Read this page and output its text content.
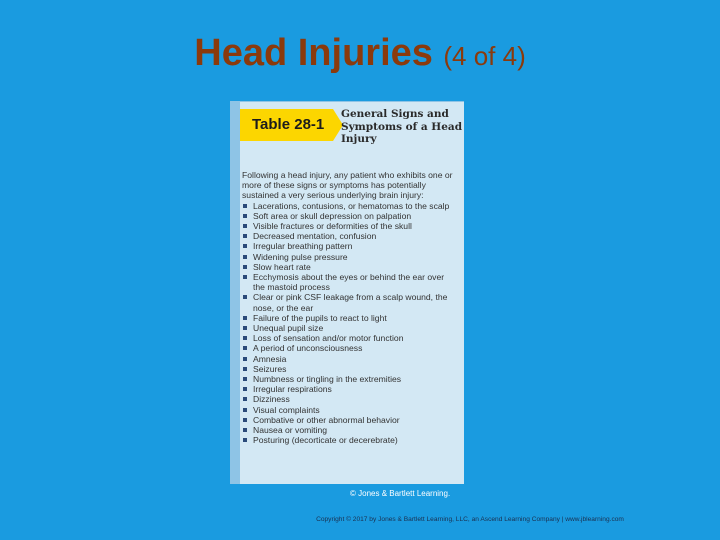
Head Injuries (4 of 4)
Table 28-1
General Signs and Symptoms of a Head Injury

Following a head injury, any patient who exhibits one or more of these signs or symptoms has potentially sustained a very serious underlying brain injury:

Lacerations, contusions, or hematomas to the scalp
Soft area or skull depression on palpation
Visible fractures or deformities of the skull
Decreased mentation, confusion
Irregular breathing pattern
Widening pulse pressure
Slow heart rate
Ecchymosis about the eyes or behind the ear over the mastoid process
Clear or pink CSF leakage from a scalp wound, the nose, or the ear
Failure of the pupils to react to light
Unequal pupil size
Loss of sensation and/or motor function
A period of unconsciousness
Amnesia
Seizures
Numbness or tingling in the extremities
Irregular respirations
Dizziness
Visual complaints
Combative or other abnormal behavior
Nausea or vomiting
Posturing (decorticate or decerebrate)
© Jones & Bartlett Learning.
Copyright © 2017 by Jones & Bartlett Learning, LLC, an Ascend Learning Company | www.jblearning.com
